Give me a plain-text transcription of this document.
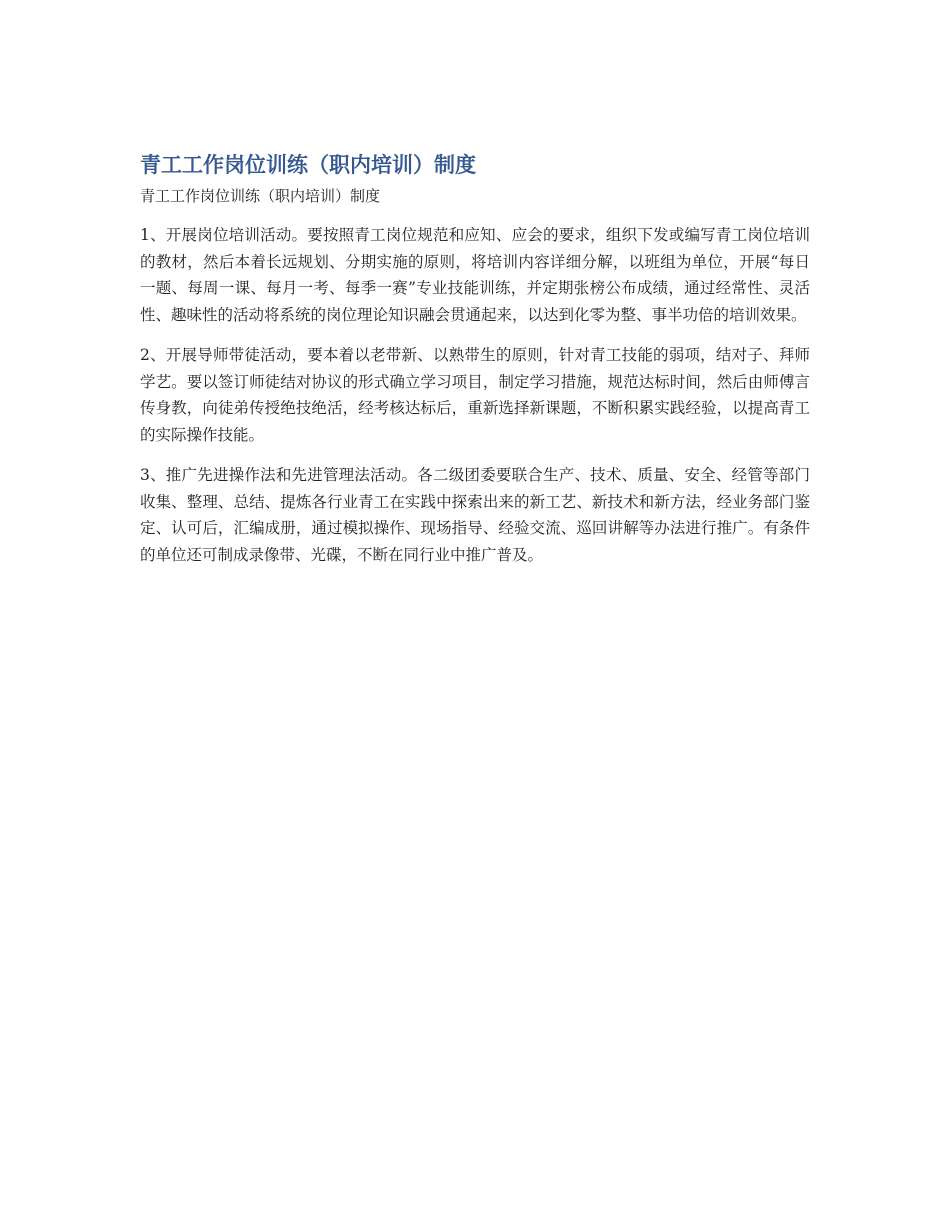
青工工作岗位训练（职内培训）制度

青工工作岗位训练（职内培训）制度

1、开展岗位培训活动。要按照青工岗位规范和应知、应会的要求，组织下发或编写青工岗位培训的教材，然后本着长远规划、分期实施的原则，将培训内容详细分解，以班组为单位，开展“每日一题、每周一课、每月一考、每季一赛”专业技能训练，并定期张榜公布成绩，通过经常性、灵活性、趣味性的活动将系统的岗位理论知识融会贯通起来，以达到化零为整、事半功倍的培训效果。

2、开展导师带徒活动，要本着以老带新、以熟带生的原则，针对青工技能的弱项，结对子、拜师学艺。要以签订师徒结对协议的形式确立学习项目，制定学习措施，规范达标时间，然后由师傅言传身教，向徒弟传授绝技绝活，经考核达标后，重新选择新课题，不断积累实践经验，以提高青工的实际操作技能。

3、推广先进操作法和先进管理法活动。各二级团委要联合生产、技术、质量、安全、经管等部门收集、整理、总结、提炼各行业青工在实践中探索出来的新工艺、新技术和新方法，经业务部门鉴定、认可后，汇编成册，通过模拟操作、现场指导、经验交流、巡回讲解等办法进行推广。有条件的单位还可制成录像带、光碟，不断在同行业中推广普及。
